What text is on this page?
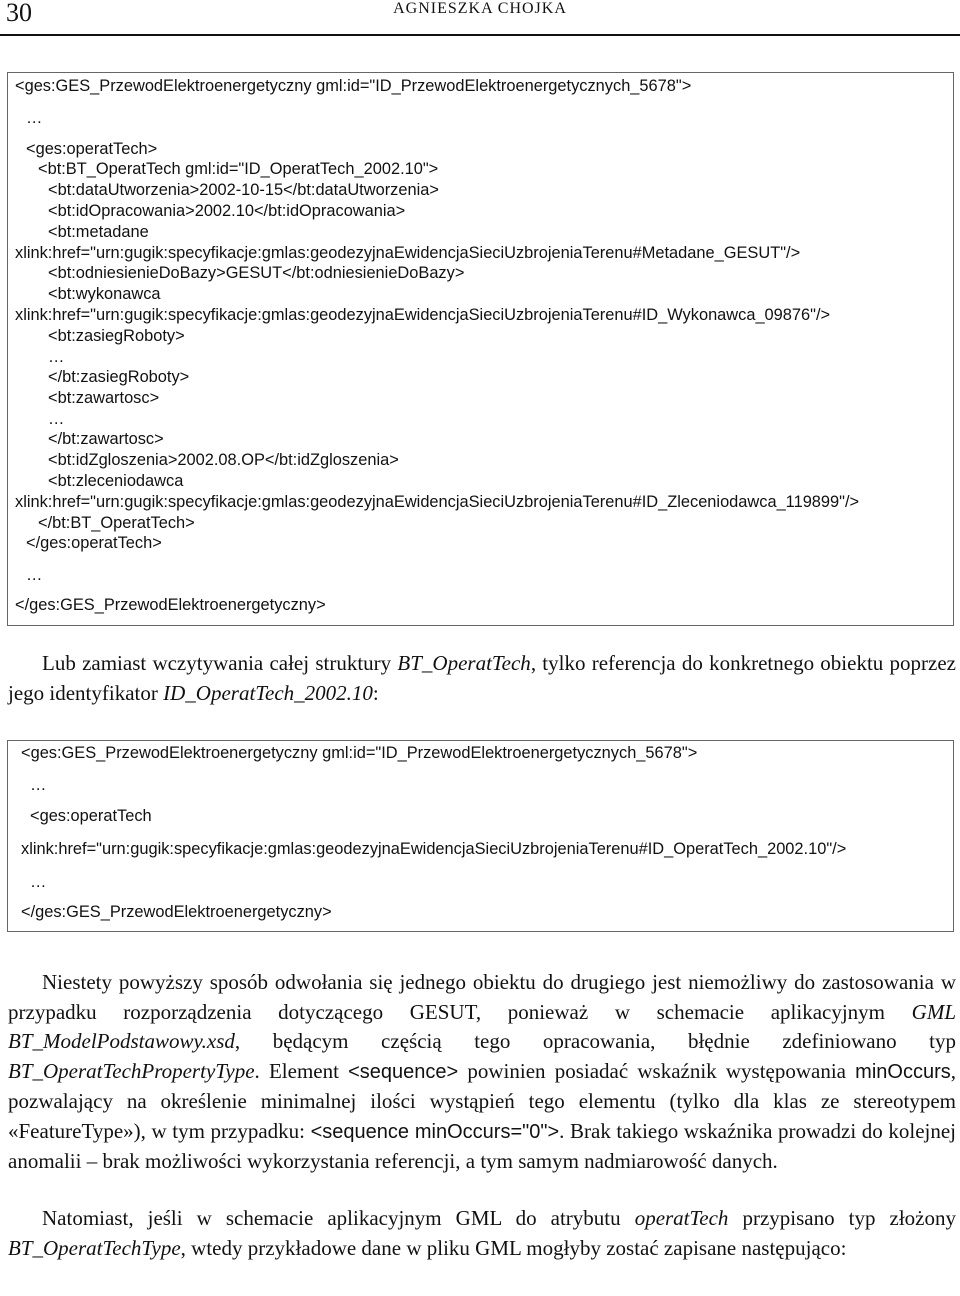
30	AGNIESZKA CHOJKA
<ges:GES_PrzewodElektroenergetyczny gml:id="ID_PrzewodElektroenergetycznych_5678">
…
<ges:operatTech>
<bt:BT_OperatTech gml:id="ID_OperatTech_2002.10">
<bt:dataUtworzenia>2002-10-15</bt:dataUtworzenia>
<bt:idOpracowania>2002.10</bt:idOpracowania>
<bt:metadane
xlink:href="urn:gugik:specyfikacje:gmlas:geodezyjnaEwidencjaSieciUzbrojeniaTerenu#Metadane_GESUT"/>
<bt:odniesienieDoBazy>GESUT</bt:odniesienieDoBazy>
<bt:wykonawca
xlink:href="urn:gugik:specyfikacje:gmlas:geodezyjnaEwidencjaSieciUzbrojeniaTerenu#ID_Wykonawca_09876"/>
<bt:zasiegRoboty>
…
</bt:zasiegRoboty>
<bt:zawartosc>
…
</bt:zawartosc>
<bt:idZgloszenia>2002.08.OP</bt:idZgloszenia>
<bt:zleceniodawca
xlink:href="urn:gugik:specyfikacje:gmlas:geodezyjnaEwidencjaSieciUzbrojeniaTerenu#ID_Zleceniodawca_119899"/>
</bt:BT_OperatTech>
</ges:operatTech>
…
</ges:GES_PrzewodElektroenergetyczny>

Lub zamiast wczytywania całej struktury BT_OperatTech, tylko referencja do konkretnego obiektu poprzez jego identyfikator ID_OperatTech_2002.10:

<ges:GES_PrzewodElektroenergetyczny gml:id="ID_PrzewodElektroenergetycznych_5678">
…
<ges:operatTech
xlink:href="urn:gugik:specyfikacje:gmlas:geodezyjnaEwidencjaSieciUzbrojeniaTerenu#ID_OperatTech_2002.10"/>
…
</ges:GES_PrzewodElektroenergetyczny>

Niestety powyższy sposób odwołania się jednego obiektu do drugiego jest niemożliwy do zastosowania w przypadku rozporządzenia dotyczącego GESUT, ponieważ w schemacie aplikacyjnym GML BT_ModelPodstawowy.xsd, będącym częścią tego opracowania, błędnie zdefiniowano typ BT_OperatTechPropertyType. Element <sequence> powinien posiadać wskaźnik występowania minOccurs, pozwalający na określenie minimalnej ilości wystąpień tego elementu (tylko dla klas ze stereotypem «FeatureType»), w tym przypadku: <sequence minOccurs="0">. Brak takiego wskaźnika prowadzi do kolejnej anomalii – brak możliwości wykorzystania referencji, a tym samym nadmiarowość danych.

Natomiast, jeśli w schemacie aplikacyjnym GML do atrybutu operatTech przypisano typ złożony BT_OperatTechType, wtedy przykładowe dane w pliku GML mogłyby zostać zapisane następująco:
